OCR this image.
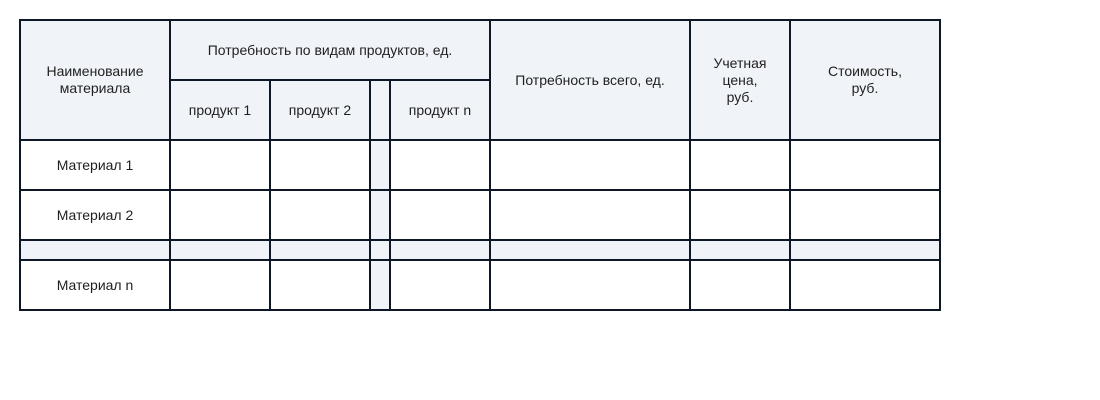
Наименование
материала
Потребность по видам продуктов, ед.
продукт 1	продукт 2	продукт n
Потребность всего, ед.
Учетная
цена,
руб.
Стоимость,
руб.
Материал 1
Материал 2
Материал n
